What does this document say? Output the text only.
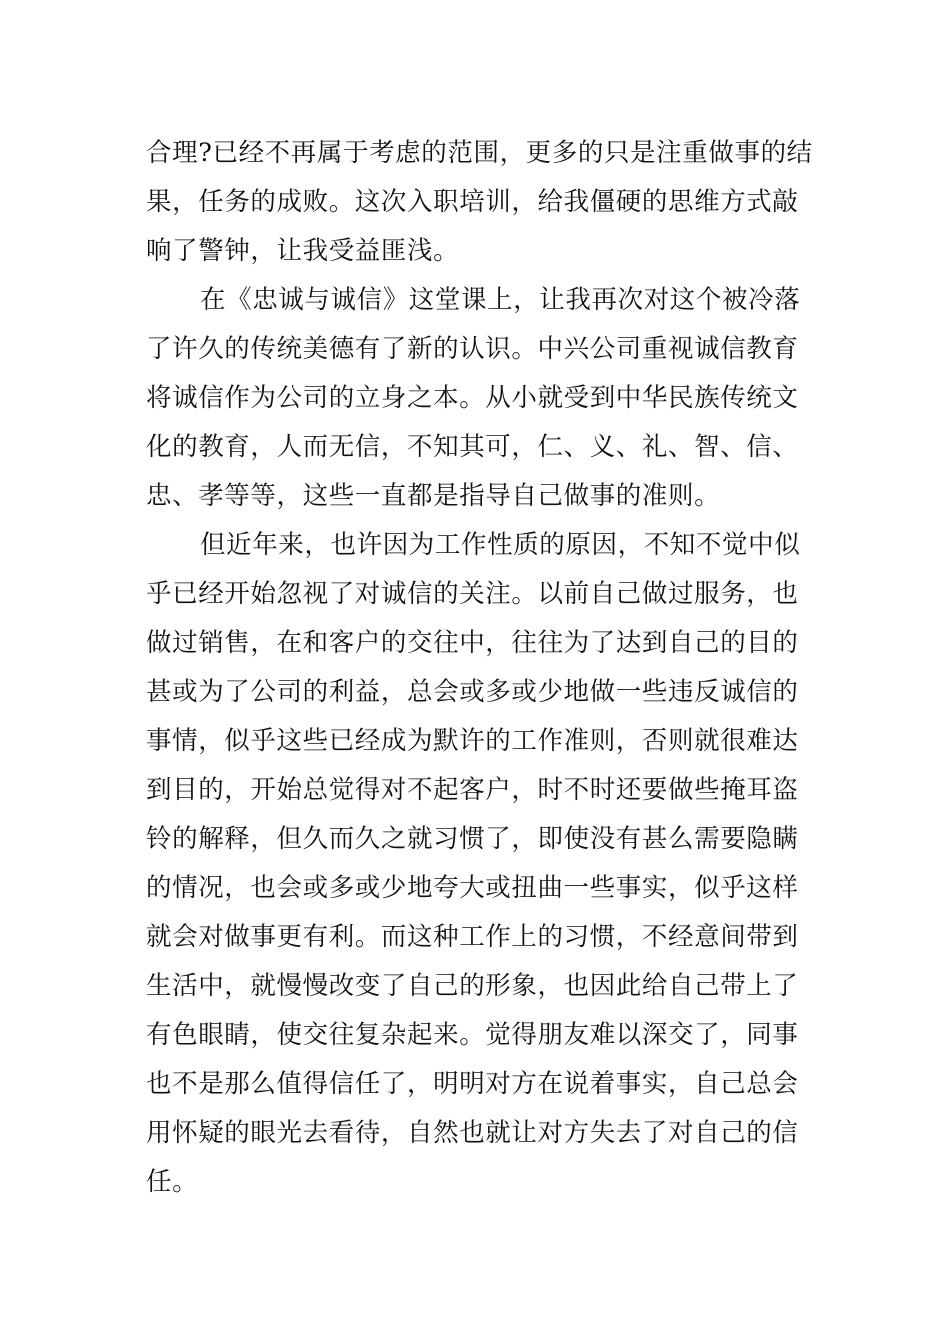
合理?已经不再属于考虑的范围，更多的只是注重做事的结
果，任务的成败。这次入职培训，给我僵硬的思维方式敲
响了警钟，让我受益匪浅。
在《忠诚与诚信》这堂课上，让我再次对这个被冷落
了许久的传统美德有了新的认识。中兴公司重视诚信教育
将诚信作为公司的立身之本。从小就受到中华民族传统文
化的教育，人而无信，不知其可，仁、义、礼、智、信、
忠、孝等等，这些一直都是指导自己做事的准则。
但近年来，也许因为工作性质的原因，不知不觉中似
乎已经开始忽视了对诚信的关注。以前自己做过服务，也
做过销售，在和客户的交往中，往往为了达到自己的目的
甚或为了公司的利益，总会或多或少地做一些违反诚信的
事情，似乎这些已经成为默许的工作准则，否则就很难达
到目的，开始总觉得对不起客户，时不时还要做些掩耳盗
铃的解释，但久而久之就习惯了，即使没有甚么需要隐瞒
的情况，也会或多或少地夸大或扭曲一些事实，似乎这样
就会对做事更有利。而这种工作上的习惯，不经意间带到
生活中，就慢慢改变了自己的形象，也因此给自己带上了
有色眼睛，使交往复杂起来。觉得朋友难以深交了，同事
也不是那么值得信任了，明明对方在说着事实，自己总会
用怀疑的眼光去看待，自然也就让对方失去了对自己的信
任。
